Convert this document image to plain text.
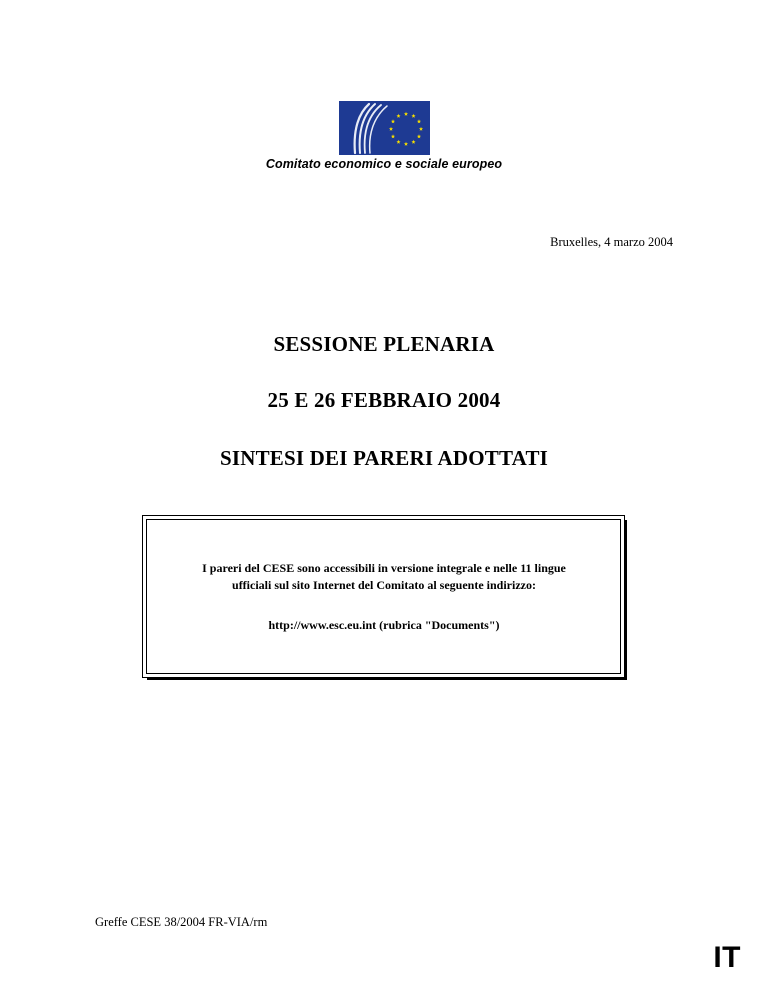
Comitato economico e sociale europeo
Bruxelles, 4 marzo 2004
SESSIONE PLENARIA
25 E 26 FEBBRAIO 2004
SINTESI DEI PARERI ADOTTATI
I pareri del CESE sono accessibili in versione integrale e nelle 11 lingue
ufficiali sul sito Internet del Comitato al seguente indirizzo:
http://www.esc.eu.int (rubrica "Documents")
Greffe CESE 38/2004 FR-VIA/rm
IT
